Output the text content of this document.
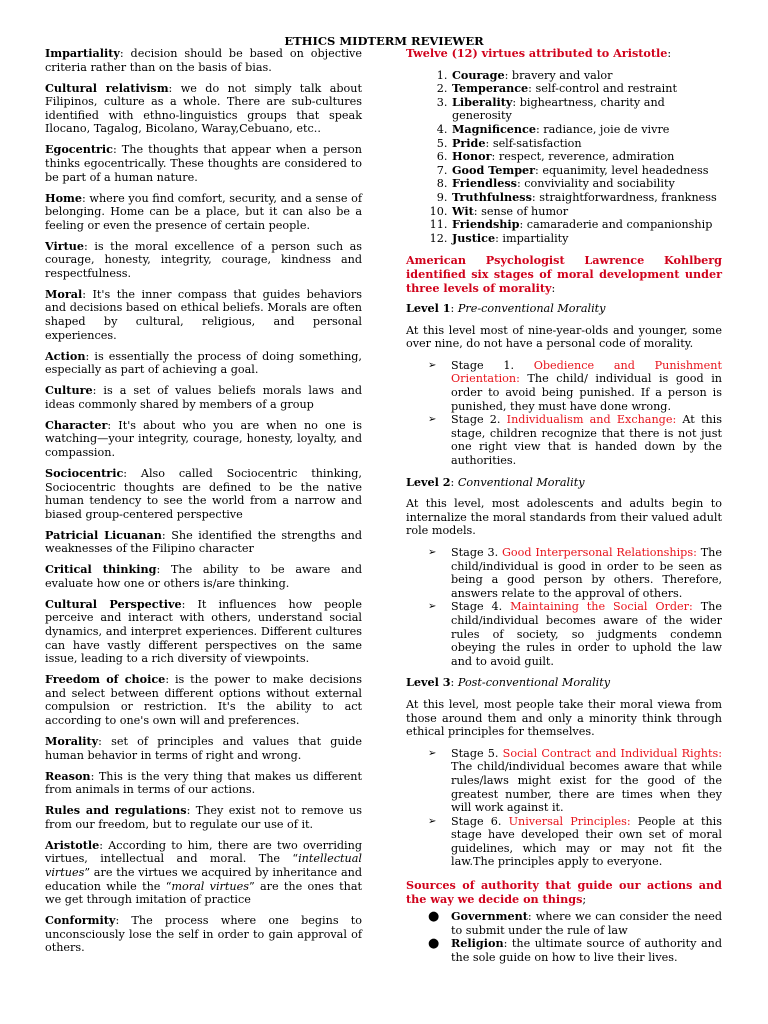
ETHICS MIDTERM REVIEWER

Impartiality: decision should be based on objective criteria rather than on the basis of bias.

Cultural relativism: we do not simply talk about Filipinos, culture as a whole. There are sub-cultures identified with ethno-linguistics groups that speak Ilocano, Tagalog, Bicolano, Waray,Cebuano, etc..

Egocentric: The thoughts that appear when a person thinks egocentrically. These thoughts are considered to be part of a human nature.

Home: where you find comfort, security, and a sense of belonging. Home can be a place, but it can also be a feeling or even the presence of certain people.

Virtue: is the moral excellence of a person such as courage, honesty, integrity, courage, kindness and respectfulness.

Moral: It's the inner compass that guides behaviors and decisions based on ethical beliefs. Morals are often shaped by cultural, religious, and personal experiences.

Action: is essentially the process of doing something, especially as part of achieving a goal.

Culture: is a set of values beliefs morals laws and ideas commonly shared by members of a group

Character: It's about who you are when no one is watching—your integrity, courage, honesty, loyalty, and compassion.

Sociocentric: Also called Sociocentric thinking, Sociocentric thoughts are defined to be the native human tendency to see the world from a narrow and biased group-centered perspective

Patricial Licuanan: She identified the strengths and weaknesses of the Filipino character

Critical thinking: The ability to be aware and evaluate how one or others is/are thinking.

Cultural Perspective: It influences how people perceive and interact with others, understand social dynamics, and interpret experiences. Different cultures can have vastly different perspectives on the same issue, leading to a rich diversity of viewpoints.

Freedom of choice: is the power to make decisions and select between different options without external compulsion or restriction. It's the ability to act according to one's own will and preferences.

Morality: set of principles and values that guide human behavior in terms of right and wrong.

Reason: This is the very thing that makes us different from animals in terms of our actions.

Rules and regulations: They exist not to remove us from our freedom, but to regulate our use of it.

Aristotle: According to him, there are two overriding virtues, intellectual and moral. The “intellectual virtues” are the virtues we acquired by inheritance and education while the “moral virtues” are the ones that we get through imitation of practice

Conformity: The process where one begins to unconsciously lose the self in order to gain approval of others.

Twelve (12) virtues attributed to Aristotle:
1. Courage: bravery and valor
2. Temperance: self-control and restraint
3. Liberality: bigheartness, charity and generosity
4. Magnificence: radiance, joie de vivre
5. Pride: self-satisfaction
6. Honor: respect, reverence, admiration
7. Good Temper: equanimity, level headedness
8. Friendless: conviviality and sociability
9. Truthfulness: straightforwardness, frankness
10. Wit: sense of humor
11. Friendship: camaraderie and companionship
12. Justice: impartiality
American Psychologist Lawrence Kohlberg identified six stages of moral development under three levels of morality:
Level 1: Pre-conventional Morality
At this level most of nine-year-olds and younger, some over nine, do not have a personal code of morality.
➢ Stage 1. Obedience and Punishment Orientation: The child/ individual is good in order to avoid being punished. If a person is punished, they must have done wrong.
➢ Stage 2. Individualism and Exchange: At this stage, children recognize that there is not just one right view that is handed down by the authorities.
Level 2: Conventional Morality
At this level, most adolescents and adults begin to internalize the moral standards from their valued adult role models.
➢ Stage 3. Good Interpersonal Relationships: The child/individual is good in order to be seen as being a good person by others. Therefore, answers relate to the approval of others.
➢ Stage 4. Maintaining the Social Order: The child/individual becomes aware of the wider rules of society, so judgments condemn obeying the rules in order to uphold the law and to avoid guilt.
Level 3: Post-conventional Morality
At this level, most people take their moral viewa from those around them and only a minority think through ethical principles for themselves.
➢ Stage 5. Social Contract and Individual Rights: The child/individual becomes aware that while rules/laws might exist for the good of the greatest number, there are times when they will work against it.
➢ Stage 6. Universal Principles: People at this stage have developed their own set of moral guidelines, which may or may not fit the law.The principles apply to everyone.
Sources of authority that guide our actions and the way we decide on things;
● Government: where we can consider the need to submit under the rule of law
● Religion: the ultimate source of authority and the sole guide on how to live their lives.
